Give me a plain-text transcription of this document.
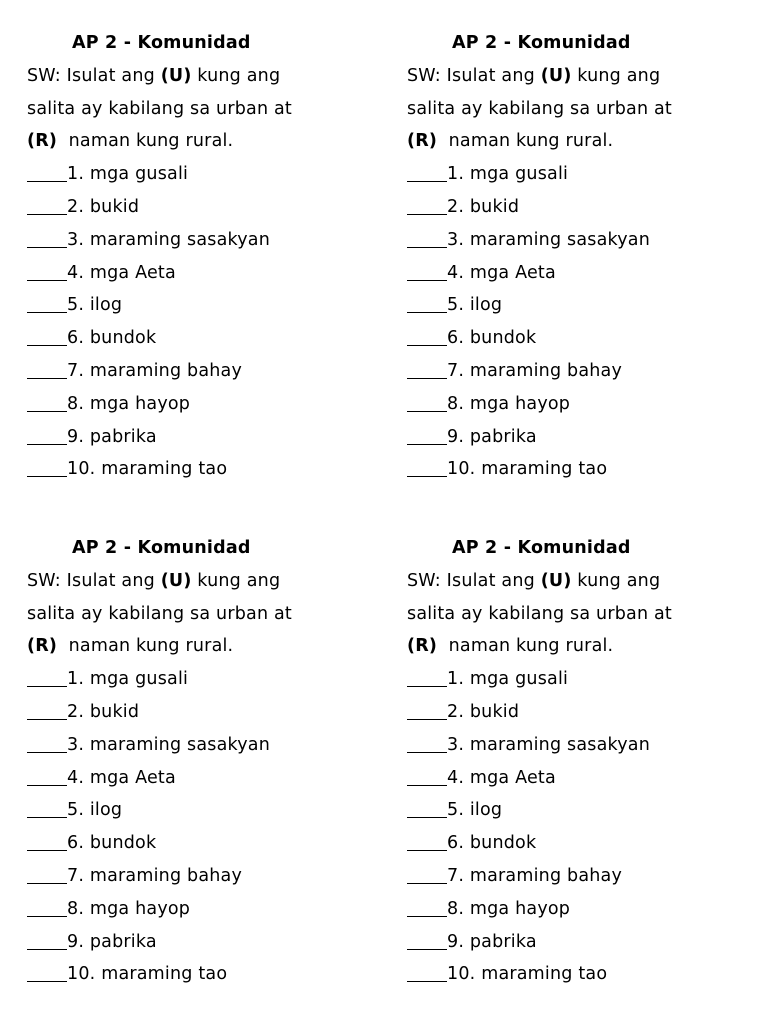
AP 2 - Komunidad

SW: Isulat ang (U) kung ang

salita ay kabilang sa urban at

(R)  naman kung rural.

1. mga gusali

2. bukid

3. maraming sasakyan

4. mga Aeta

5. ilog

6. bundok

7. maraming bahay

8. mga hayop

9. pabrika

10. maraming tao

AP 2 - Komunidad

SW: Isulat ang (U) kung ang

salita ay kabilang sa urban at

(R)  naman kung rural.

1. mga gusali

2. bukid

3. maraming sasakyan

4. mga Aeta

5. ilog

6. bundok

7. maraming bahay

8. mga hayop

9. pabrika

10. maraming tao

AP 2 - Komunidad

SW: Isulat ang (U) kung ang

salita ay kabilang sa urban at

(R)  naman kung rural.

1. mga gusali

2. bukid

3. maraming sasakyan

4. mga Aeta

5. ilog

6. bundok

7. maraming bahay

8. mga hayop

9. pabrika

10. maraming tao

AP 2 - Komunidad

SW: Isulat ang (U) kung ang

salita ay kabilang sa urban at

(R)  naman kung rural.

1. mga gusali

2. bukid

3. maraming sasakyan

4. mga Aeta

5. ilog

6. bundok

7. maraming bahay

8. mga hayop

9. pabrika

10. maraming tao
